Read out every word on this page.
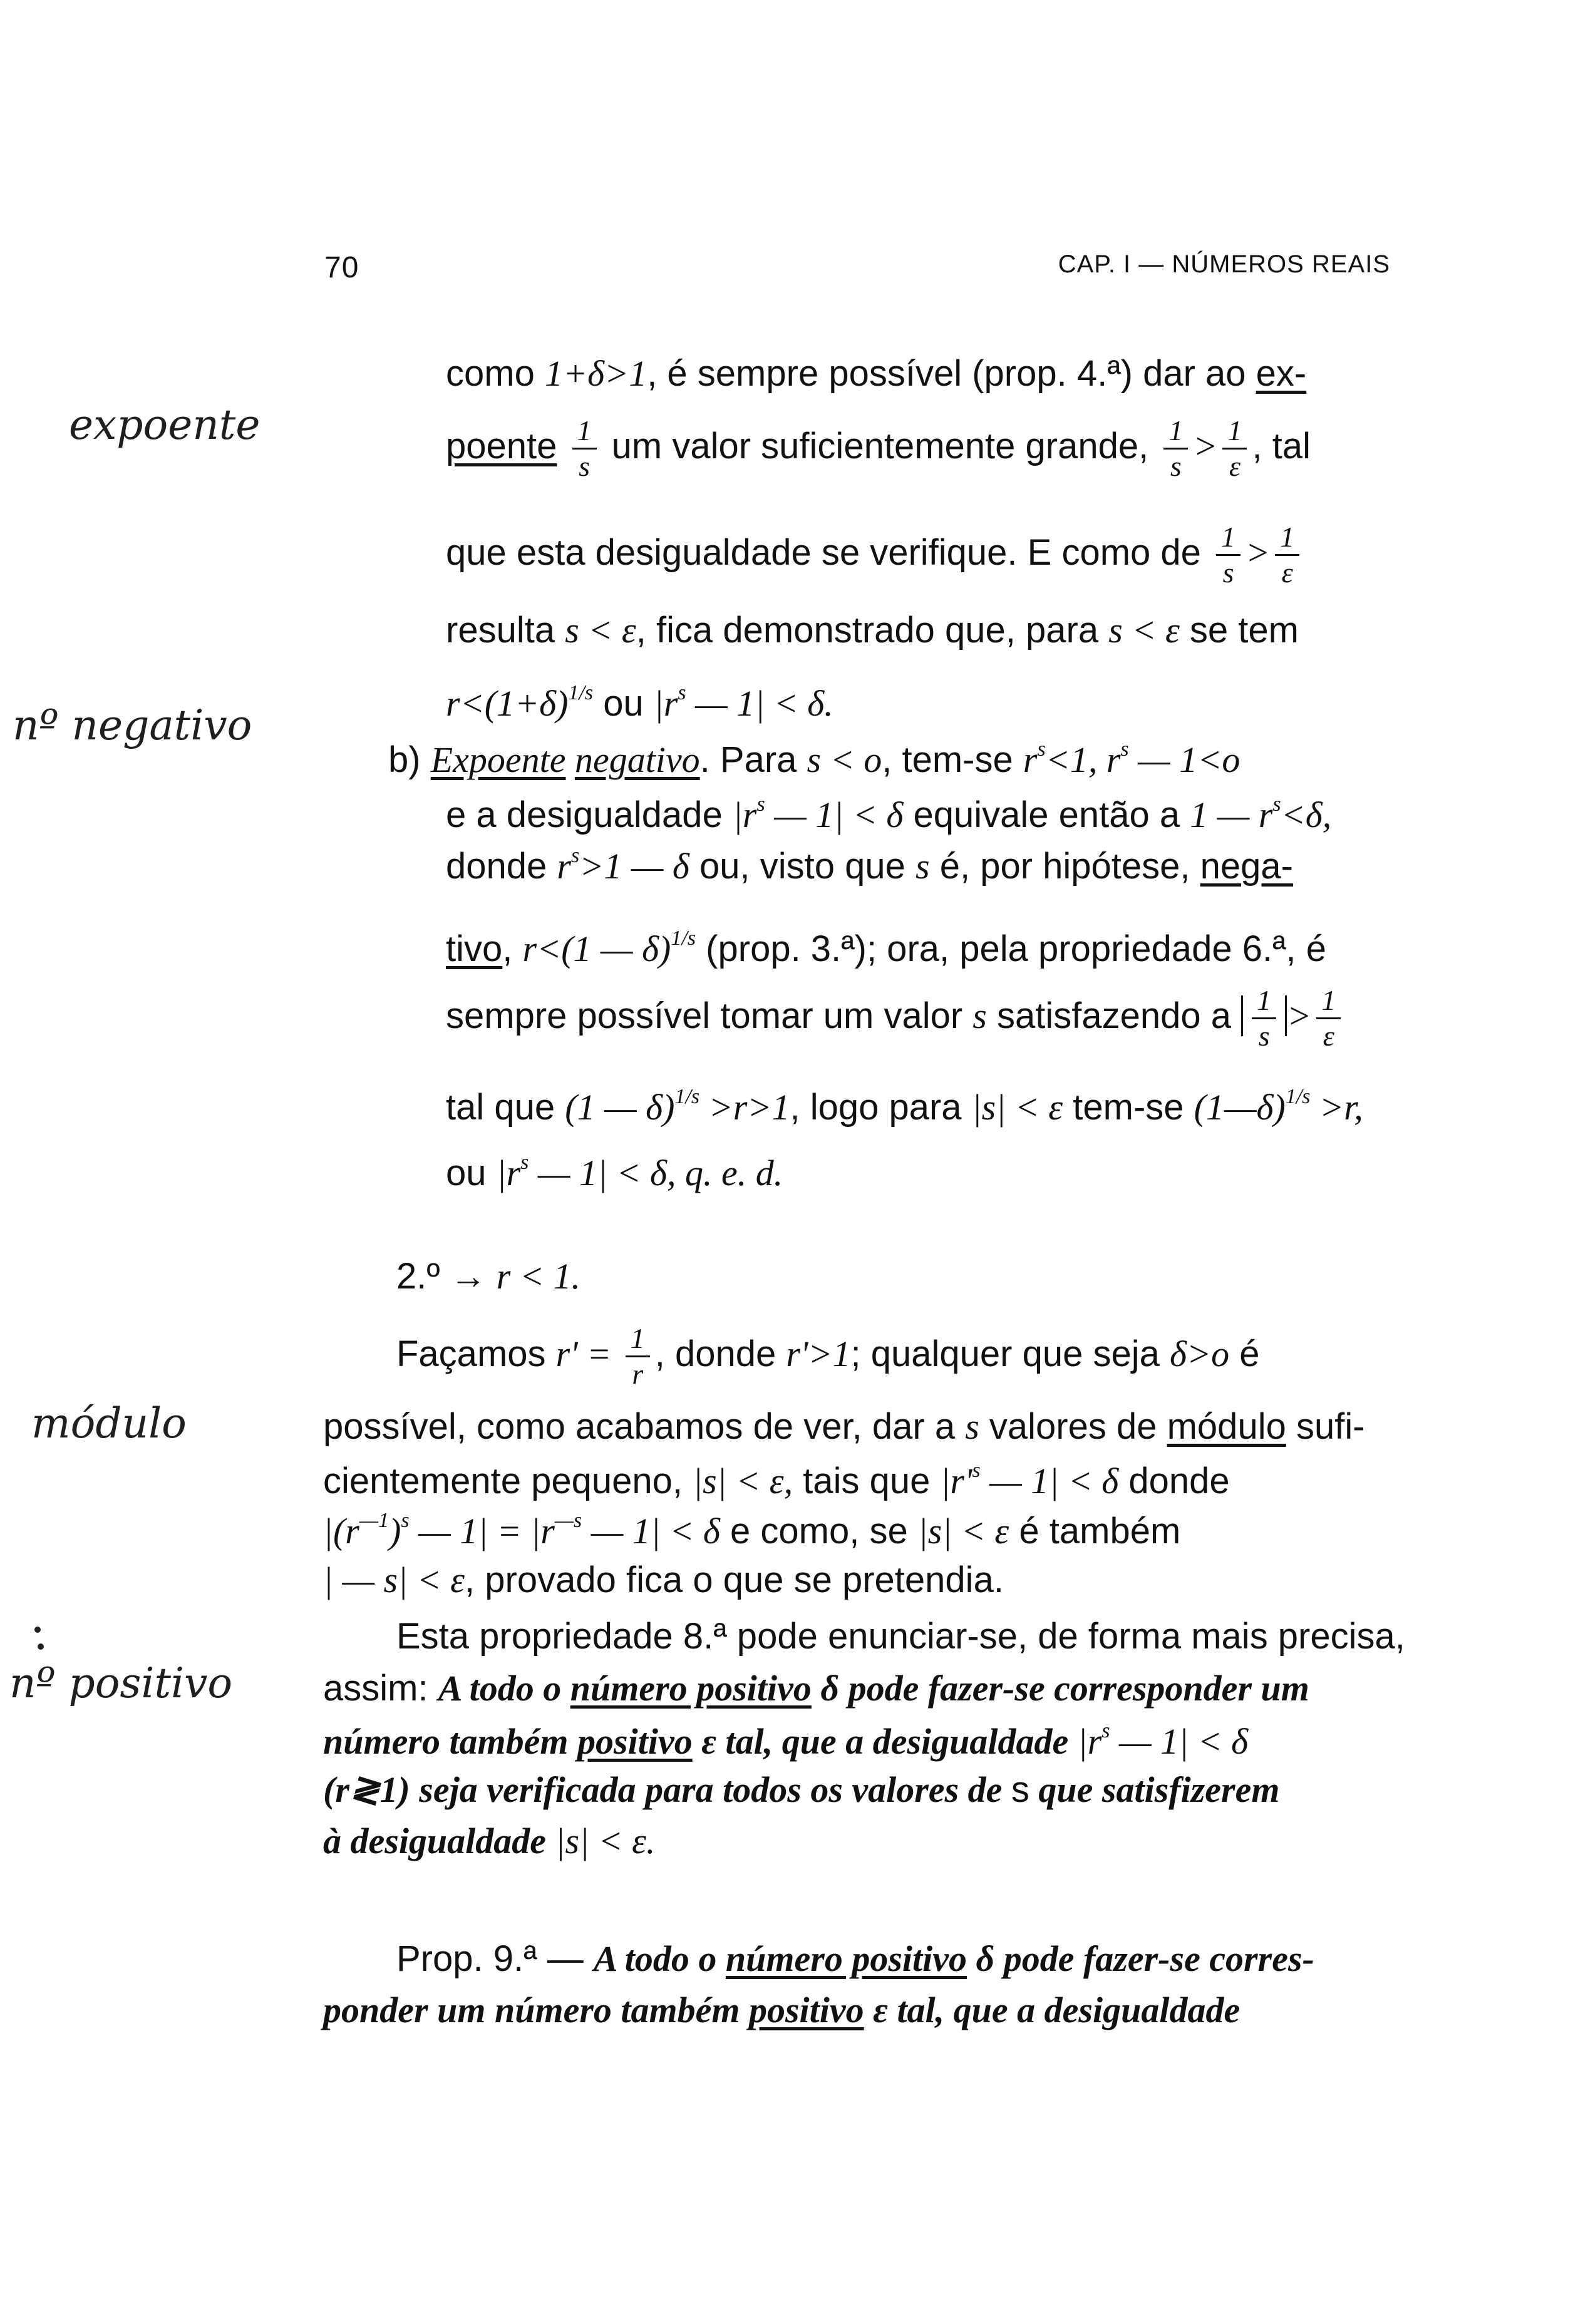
70	CAP. I — NÚMEROS REAIS
expoente
nº negativo
módulo
nº positivo
como 1+δ>1, é sempre possível (prop. 4.ª) dar ao ex-
poente $\frac{1}{s}$ um valor suficientemente grande, $\frac{1}{s} > \frac{1}{\varepsilon}$ , tal
que esta desigualdade se verifique. E como de $\frac{1}{s} > \frac{1}{\varepsilon}$
resulta s < ε, fica demonstrado que, para s < ε se tem
$r<(1+\delta)^{1/s}$ ou $|r^s$ — 1| < δ.
b) Expoente negativo. Para s < o, tem-se $r^s<1$, $r^s$ — 1<o
e a desigualdade $|r^s$ — 1| < δ equivale então a 1 — $r^s<\delta$,
donde $r^s>1$ — δ ou, visto que s é, por hipótese, nega-
tivo, r<(1 — δ)$^{1/s}$ (prop. 3.ª); ora, pela propriedade 6.ª, é
sempre possível tomar um valor s satisfazendo a $\frac{1}{s} > \frac{1}{\varepsilon}$
tal que (1 — δ)$^{1/s}$ >r>1, logo para |s| < ε tem-se (1—δ)$^{1/s}$ >r,
ou $|r^s$ — 1| < δ, q. e. d.
2.º → r < 1.
Façamos $r' = \frac{1}{r}$ , donde r'>1; qualquer que seja δ>o é
possível, como acabamos de ver, dar a s valores de módulo sufi-
cientemente pequeno, |s| < ε, tais que $|r'^s$ — 1| < δ donde
$|(r^{—1})^s$ — $1| = |r^{—s}$ — 1| < δ e como, se |s| < ε é também
| — s| < ε, provado fica o que se pretendia.
Esta propriedade 8.ª pode enunciar-se, de forma mais precisa,
assim: A todo o número positivo δ pode fazer-se corresponder um
número também positivo ε tal, que a desigualdade $|r^s$ — 1| < δ
(r≷1) seja verificada para todos os valores de s que satisfizerem
à desigualdade |s| < ε.
Prop. 9.ª — A todo o número positivo δ pode fazer-se corres-
ponder um número também positivo ε tal, que a desigualdade
